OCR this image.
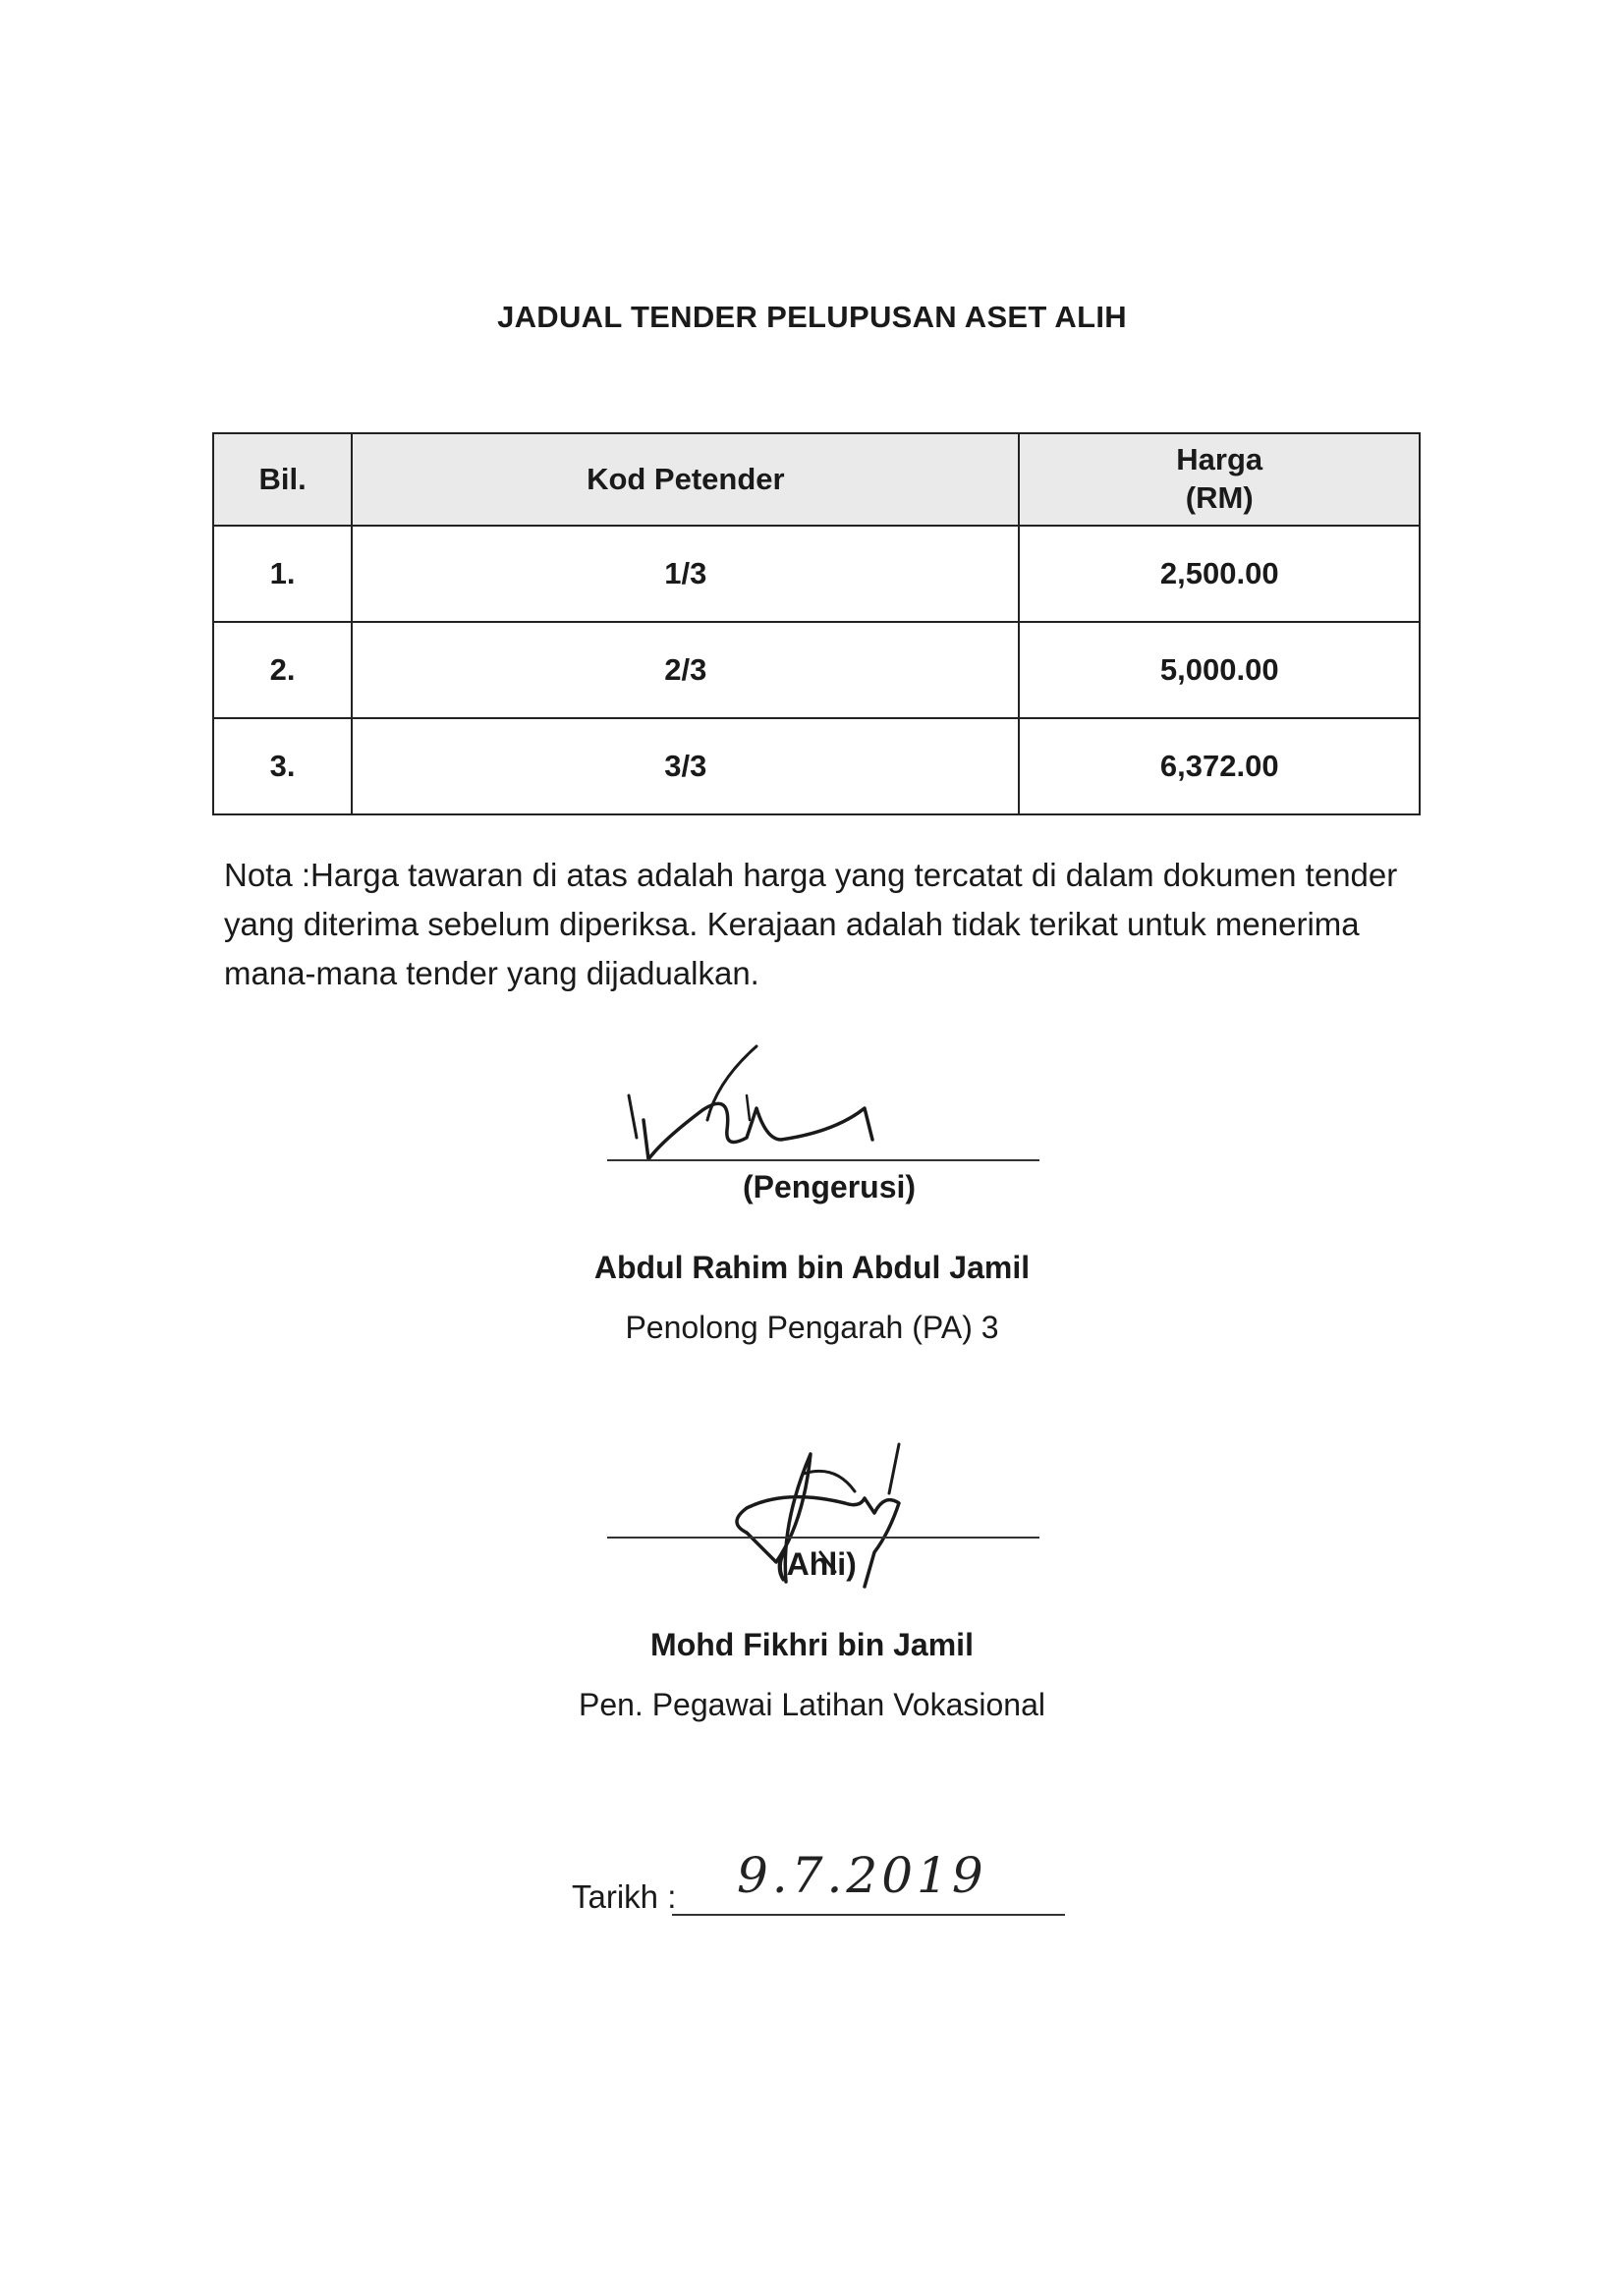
JADUAL TENDER PELUPUSAN ASET ALIH
Bil.	Kod Petender	Harga
(RM)
1.	1/3	2,500.00
2.	2/3	5,000.00
3.	3/3	6,372.00
Nota :Harga tawaran di atas adalah harga yang tercatat di dalam dokumen tender yang diterima sebelum diperiksa. Kerajaan adalah tidak terikat untuk menerima mana-mana tender yang dijadualkan.
(Pengerusi)
Abdul Rahim bin Abdul Jamil
Penolong Pengarah (PA) 3
(Ahli)
Mohd Fikhri bin Jamil
Pen. Pegawai Latihan Vokasional
Tarikh : 9.7.2019
